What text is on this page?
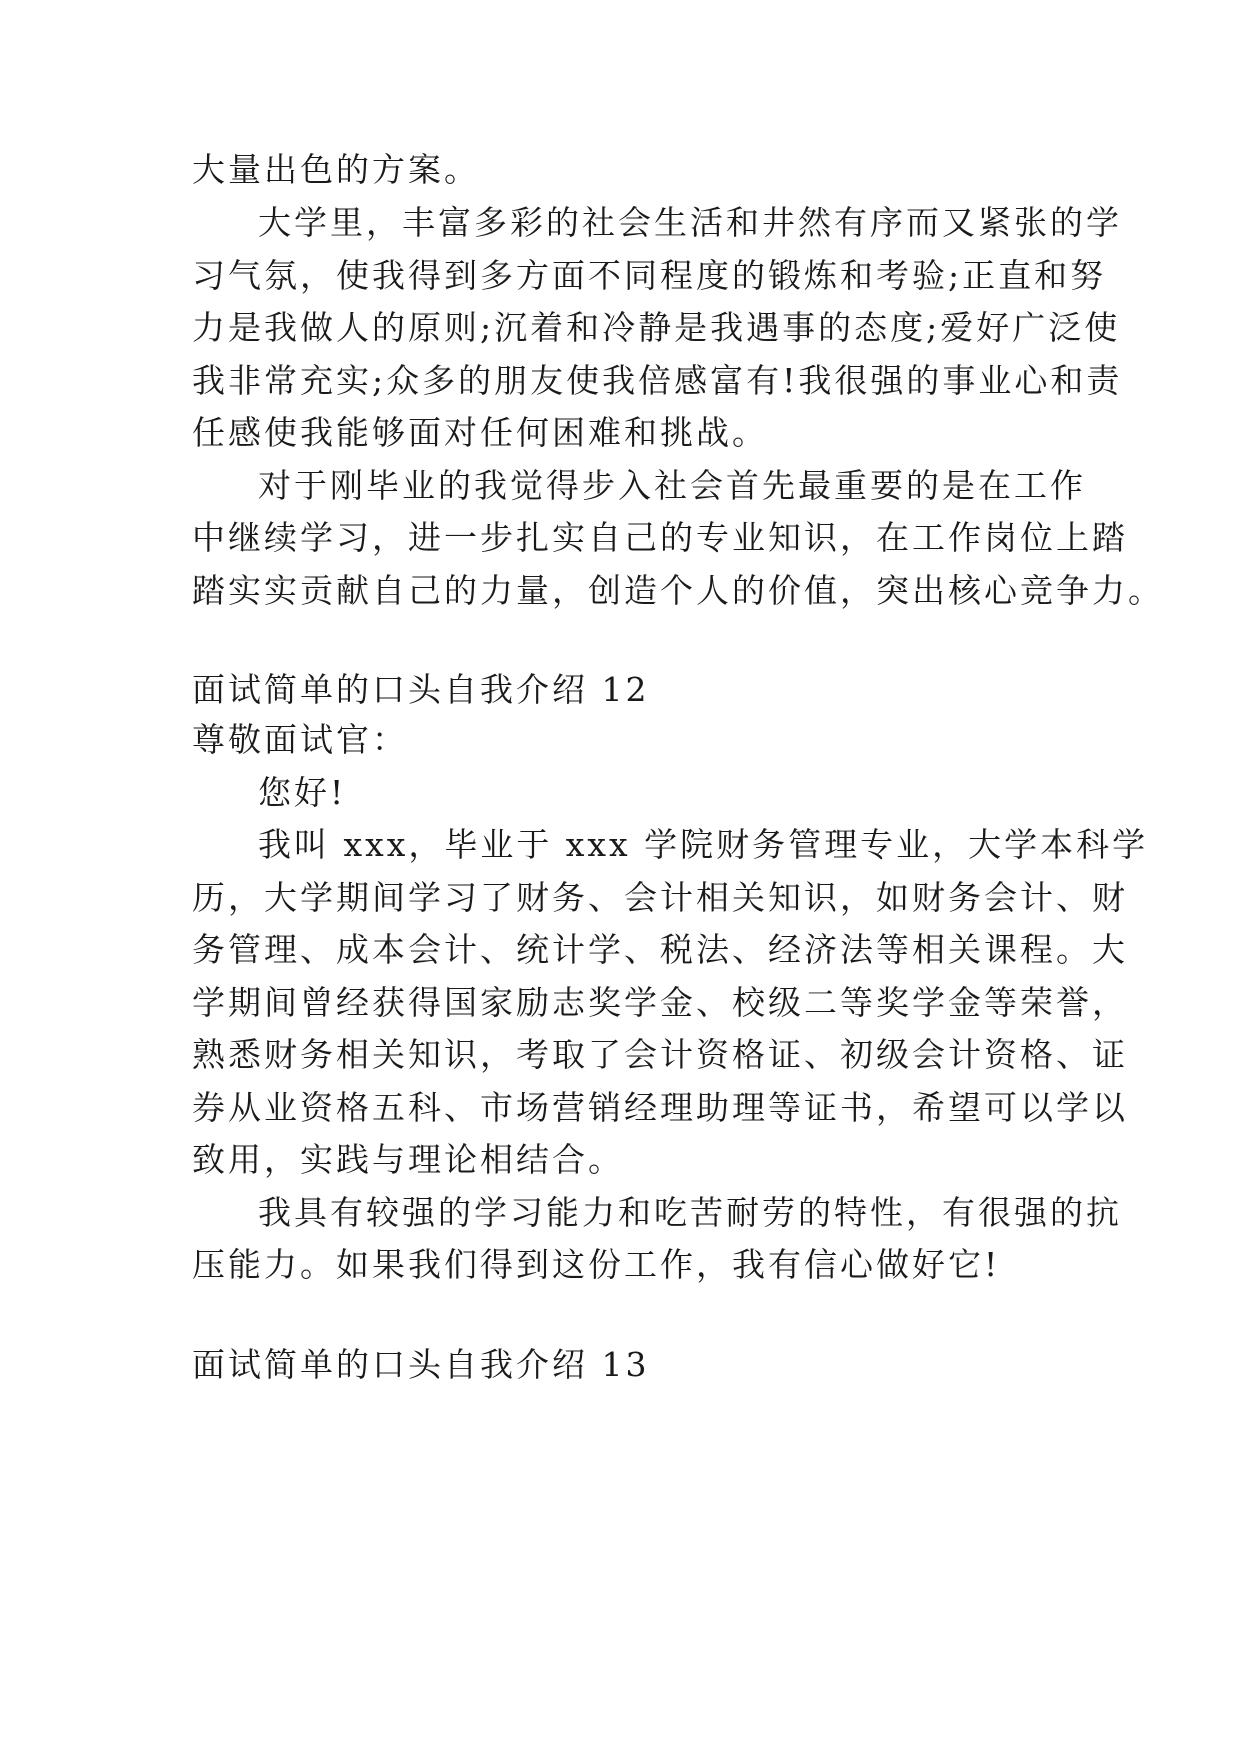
大量出色的方案。
大学里，丰富多彩的社会生活和井然有序而又紧张的学
习气氛，使我得到多方面不同程度的锻炼和考验;正直和努
力是我做人的原则;沉着和冷静是我遇事的态度;爱好广泛使
我非常充实;众多的朋友使我倍感富有!我很强的事业心和责
任感使我能够面对任何困难和挑战。
对于刚毕业的我觉得步入社会首先最重要的是在工作
中继续学习，进一步扎实自己的专业知识，在工作岗位上踏
踏实实贡献自己的力量，创造个人的价值，突出核心竞争力。
面试简单的口头自我介绍 12
尊敬面试官：
您好!
我叫 xxx，毕业于 xxx 学院财务管理专业，大学本科学
历，大学期间学习了财务、会计相关知识，如财务会计、财
务管理、成本会计、统计学、税法、经济法等相关课程。大
学期间曾经获得国家励志奖学金、校级二等奖学金等荣誉，
熟悉财务相关知识，考取了会计资格证、初级会计资格、证
券从业资格五科、市场营销经理助理等证书，希望可以学以
致用，实践与理论相结合。
我具有较强的学习能力和吃苦耐劳的特性，有很强的抗
压能力。如果我们得到这份工作，我有信心做好它!
面试简单的口头自我介绍 13
